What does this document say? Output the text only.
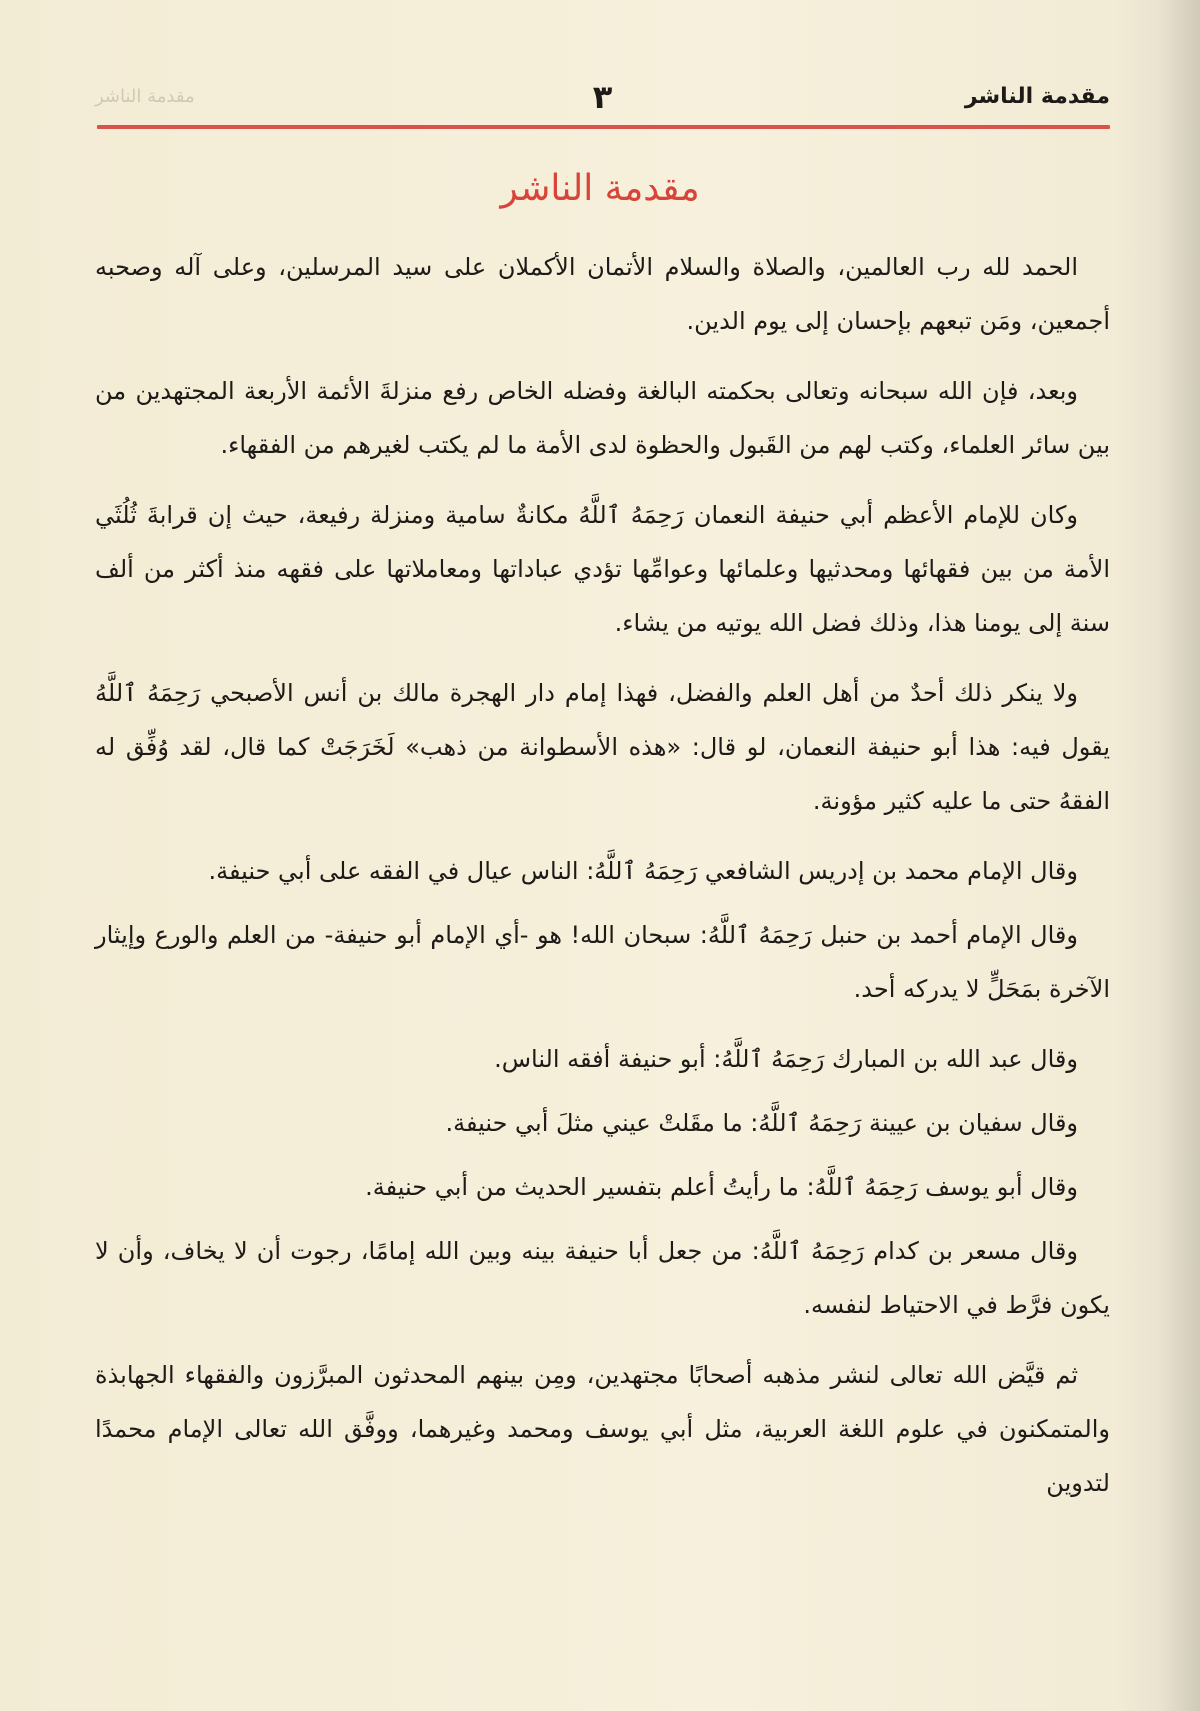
مقدمة الناشر
٣
مقدمة الناشر
مقدمة الناشر

الحمد لله رب العالمين، والصلاة والسلام الأتمان الأكملان على سيد المرسلين، وعلى آله وصحبه أجمعين، ومَن تبعهم بإحسان إلى يوم الدين.

وبعد، فإن الله سبحانه وتعالى بحكمته البالغة وفضله الخاص رفع منزلةَ الأئمة الأربعة المجتهدين من بين سائر العلماء، وكتب لهم من القَبول والحظوة لدى الأمة ما لم يكتب لغيرهم من الفقهاء.

وكان للإمام الأعظم أبي حنيفة النعمان رَحِمَهُ ٱللَّهُ مكانةٌ سامية ومنزلة رفيعة، حيث إن قرابةَ ثُلُثَي الأمة من بين فقهائها ومحدثيها وعلمائها وعوامِّها تؤدي عباداتها ومعاملاتها على فقهه منذ أكثر من ألف سنة إلى يومنا هذا، وذلك فضل الله يوتيه من يشاء.

ولا ينكر ذلك أحدٌ من أهل العلم والفضل، فهذا إمام دار الهجرة مالك بن أنس الأصبحي رَحِمَهُ ٱللَّهُ يقول فيه: هذا أبو حنيفة النعمان، لو قال: «هذه الأسطوانة من ذهب» لَخَرَجَتْ كما قال، لقد وُفِّق له الفقهُ حتى ما عليه كثير مؤونة.

وقال الإمام محمد بن إدريس الشافعي رَحِمَهُ ٱللَّهُ: الناس عيال في الفقه على أبي حنيفة.

وقال الإمام أحمد بن حنبل رَحِمَهُ ٱللَّهُ: سبحان الله! هو -أي الإمام أبو حنيفة- من العلم والورع وإيثار الآخرة بمَحَلٍّ لا يدركه أحد.

وقال عبد الله بن المبارك رَحِمَهُ ٱللَّهُ: أبو حنيفة أفقه الناس.

وقال سفيان بن عيينة رَحِمَهُ ٱللَّهُ: ما مقَلتْ عيني مثلَ أبي حنيفة.

وقال أبو يوسف رَحِمَهُ ٱللَّهُ: ما رأيتُ أعلم بتفسير الحديث من أبي حنيفة.

وقال مسعر بن كدام رَحِمَهُ ٱللَّهُ: من جعل أبا حنيفة بينه وبين الله إمامًا، رجوت أن لا يخاف، وأن لا يكون فرَّط في الاحتياط لنفسه.

ثم قيَّض الله تعالى لنشر مذهبه أصحابًا مجتهدين، ومِن بينهم المحدثون المبرَّزون والفقهاء الجهابذة والمتمكنون في علوم اللغة العربية، مثل أبي يوسف ومحمد وغيرهما، ووفَّق الله تعالى الإمام محمدًا لتدوين
